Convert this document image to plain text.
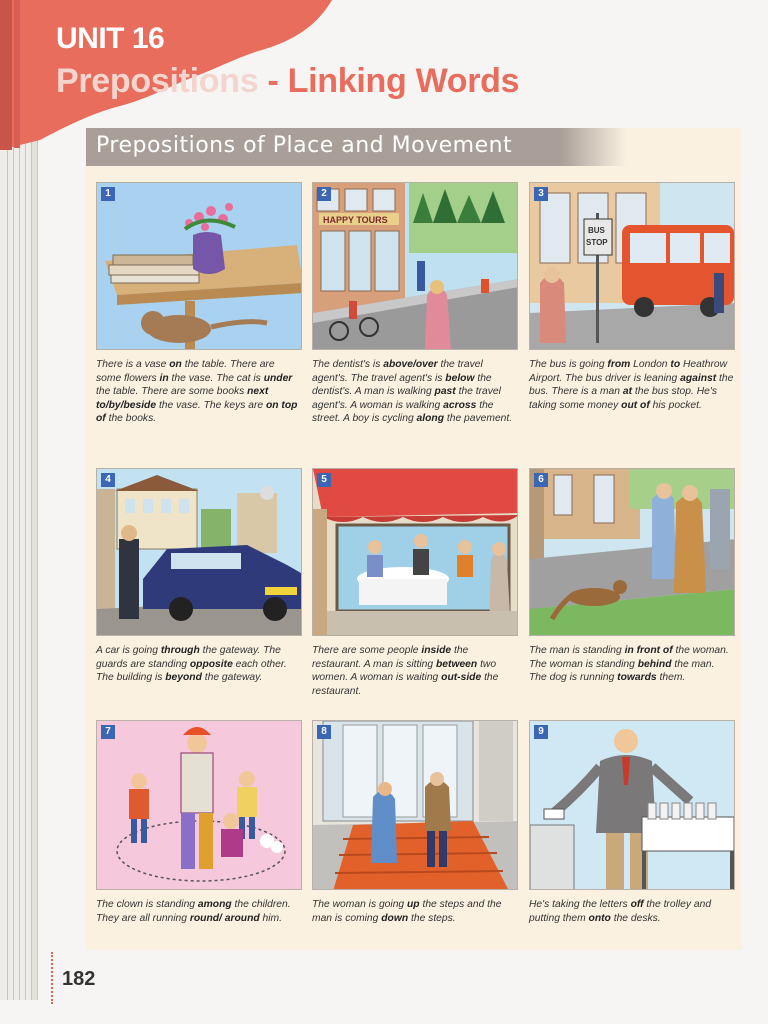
UNIT 16
Prepositions - Linking Words
Prepositions of Place and Movement
1
There is a vase on the table. There are some flowers in the vase. The cat is under the table. There are some books next to/by/beside the vase. The keys are on top of the books.
2
HAPPY TOURS
The dentist's is above/over the travel agent's. The travel agent's is below the dentist's. A man is walking past the travel agent's. A woman is walking across the street. A boy is cycling along the pavement.
3
BUS
STOP
The bus is going from London to Heathrow Airport. The bus driver is leaning against the bus. There is a man at the bus stop. He's taking some money out of his pocket.
4
A car is going through the gateway. The guards are standing opposite each other. The building is beyond the gateway.
5
There are some people inside the restaurant. A man is sitting between two women. A woman is waiting out-side the restaurant.
6
The man is standing in front of the woman. The woman is standing behind the man. The dog is running towards them.
7
The clown is standing among the children. They are all running round/ around him.
8
The woman is going up the steps and the man is coming down the steps.
9
He's taking the letters off the trolley and putting them onto the desks.
182
